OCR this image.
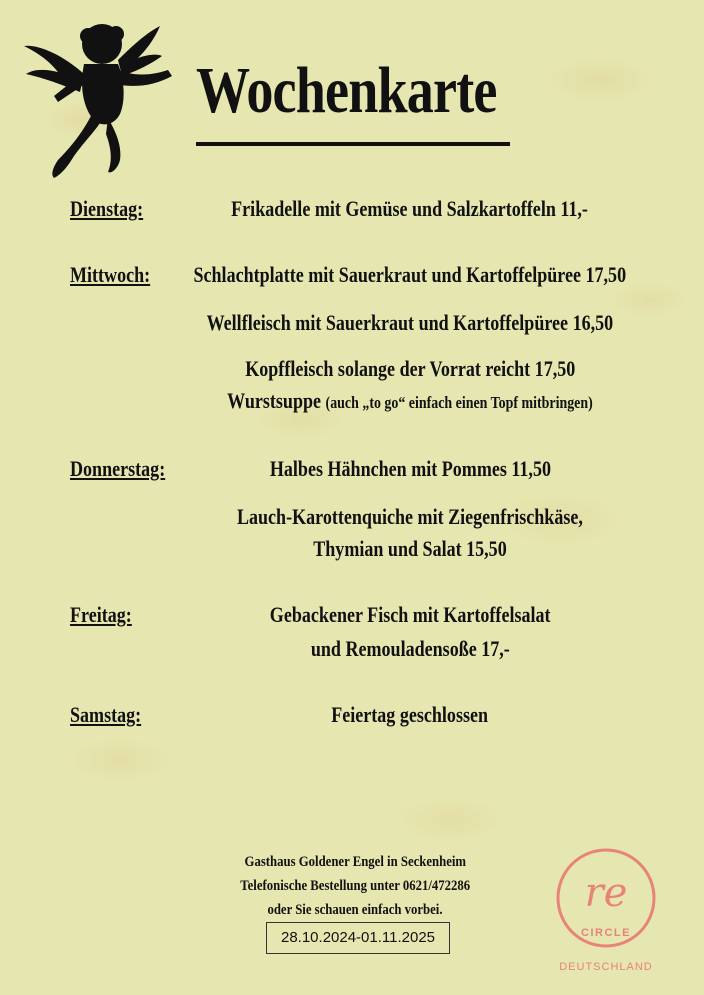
Wochenkarte
Dienstag:	Frikadelle mit Gemüse und Salzkartoffeln 11,-
Mittwoch:	Schlachtplatte mit Sauerkraut und Kartoffelpüree 17,50
Wellfleisch mit Sauerkraut und Kartoffelpüree 16,50
Kopffleisch solange der Vorrat reicht 17,50
Wurstsuppe (auch „to go“ einfach einen Topf mitbringen)
Donnerstag:	Halbes Hähnchen mit Pommes 11,50
Lauch-Karottenquiche mit Ziegenfrischkäse,
Thymian und Salat 15,50
Freitag:	Gebackener Fisch mit Kartoffelsalat
und Remouladensoße 17,-
Samstag:	Feiertag geschlossen
Gasthaus Goldener Engel in Seckenheim
Telefonische Bestellung unter 0621/472286
oder Sie schauen einfach vorbei.
28.10.2024-01.11.2025
re
CIRCLE
DEUTSCHLAND
